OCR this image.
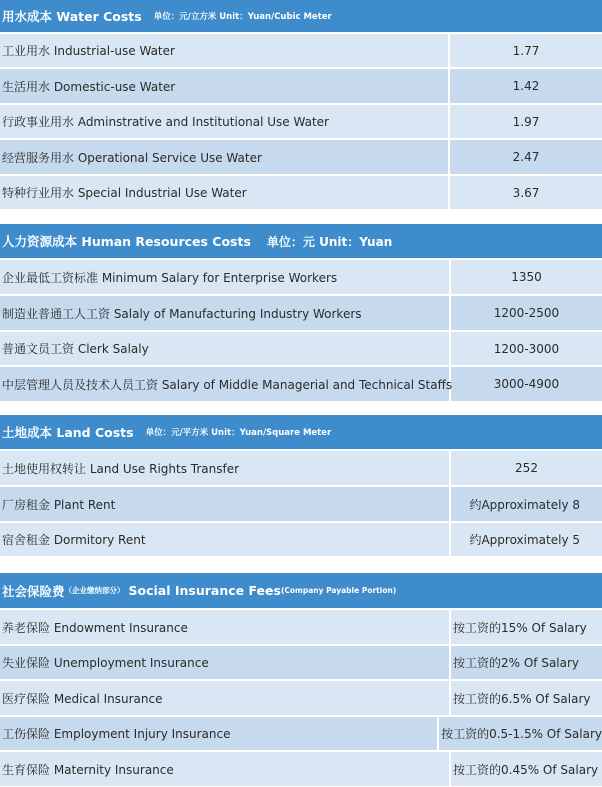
用水成本 Water Costs 单位：元/立方米 Unit：Yuan/Cubic Meter
工业用水 Industrial-use Water	1.77
生活用水 Domestic-use Water	1.42
行政事业用水 Adminstrative and Institutional Use Water	1.97
经营服务用水 Operational Service Use Water	2.47
特种行业用水 Special Industrial Use Water	3.67
人力资源成本 Human Resources Costs 单位：元 Unit：Yuan
企业最低工资标准 Minimum Salary for Enterprise Workers	1350
制造业普通工人工资 Salaly of Manufacturing Industry Workers	1200-2500
普通文员工资 Clerk Salaly	1200-3000
中层管理人员及技术人员工资 Salary of Middle Managerial and Technical Staffs	3000-4900
土地成本 Land Costs 单位：元/平方米 Unit：Yuan/Square Meter
土地使用权转让 Land Use Rights Transfer	252
厂房租金 Plant Rent	约Approximately 8
宿舍租金 Dormitory Rent	约Approximately 5
社会保险费 （企业缴纳部分） Social Insurance Fees (Company Payable Portion)
养老保险 Endowment Insurance	按工资的15% Of Salary
失业保险 Unemployment Insurance	按工资的2% Of Salary
医疗保险 Medical Insurance	按工资的6.5% Of Salary
工伤保险 Employment Injury Insurance	按工资的0.5-1.5% Of Salary
生育保险 Maternity Insurance	按工资的0.45% Of Salary
